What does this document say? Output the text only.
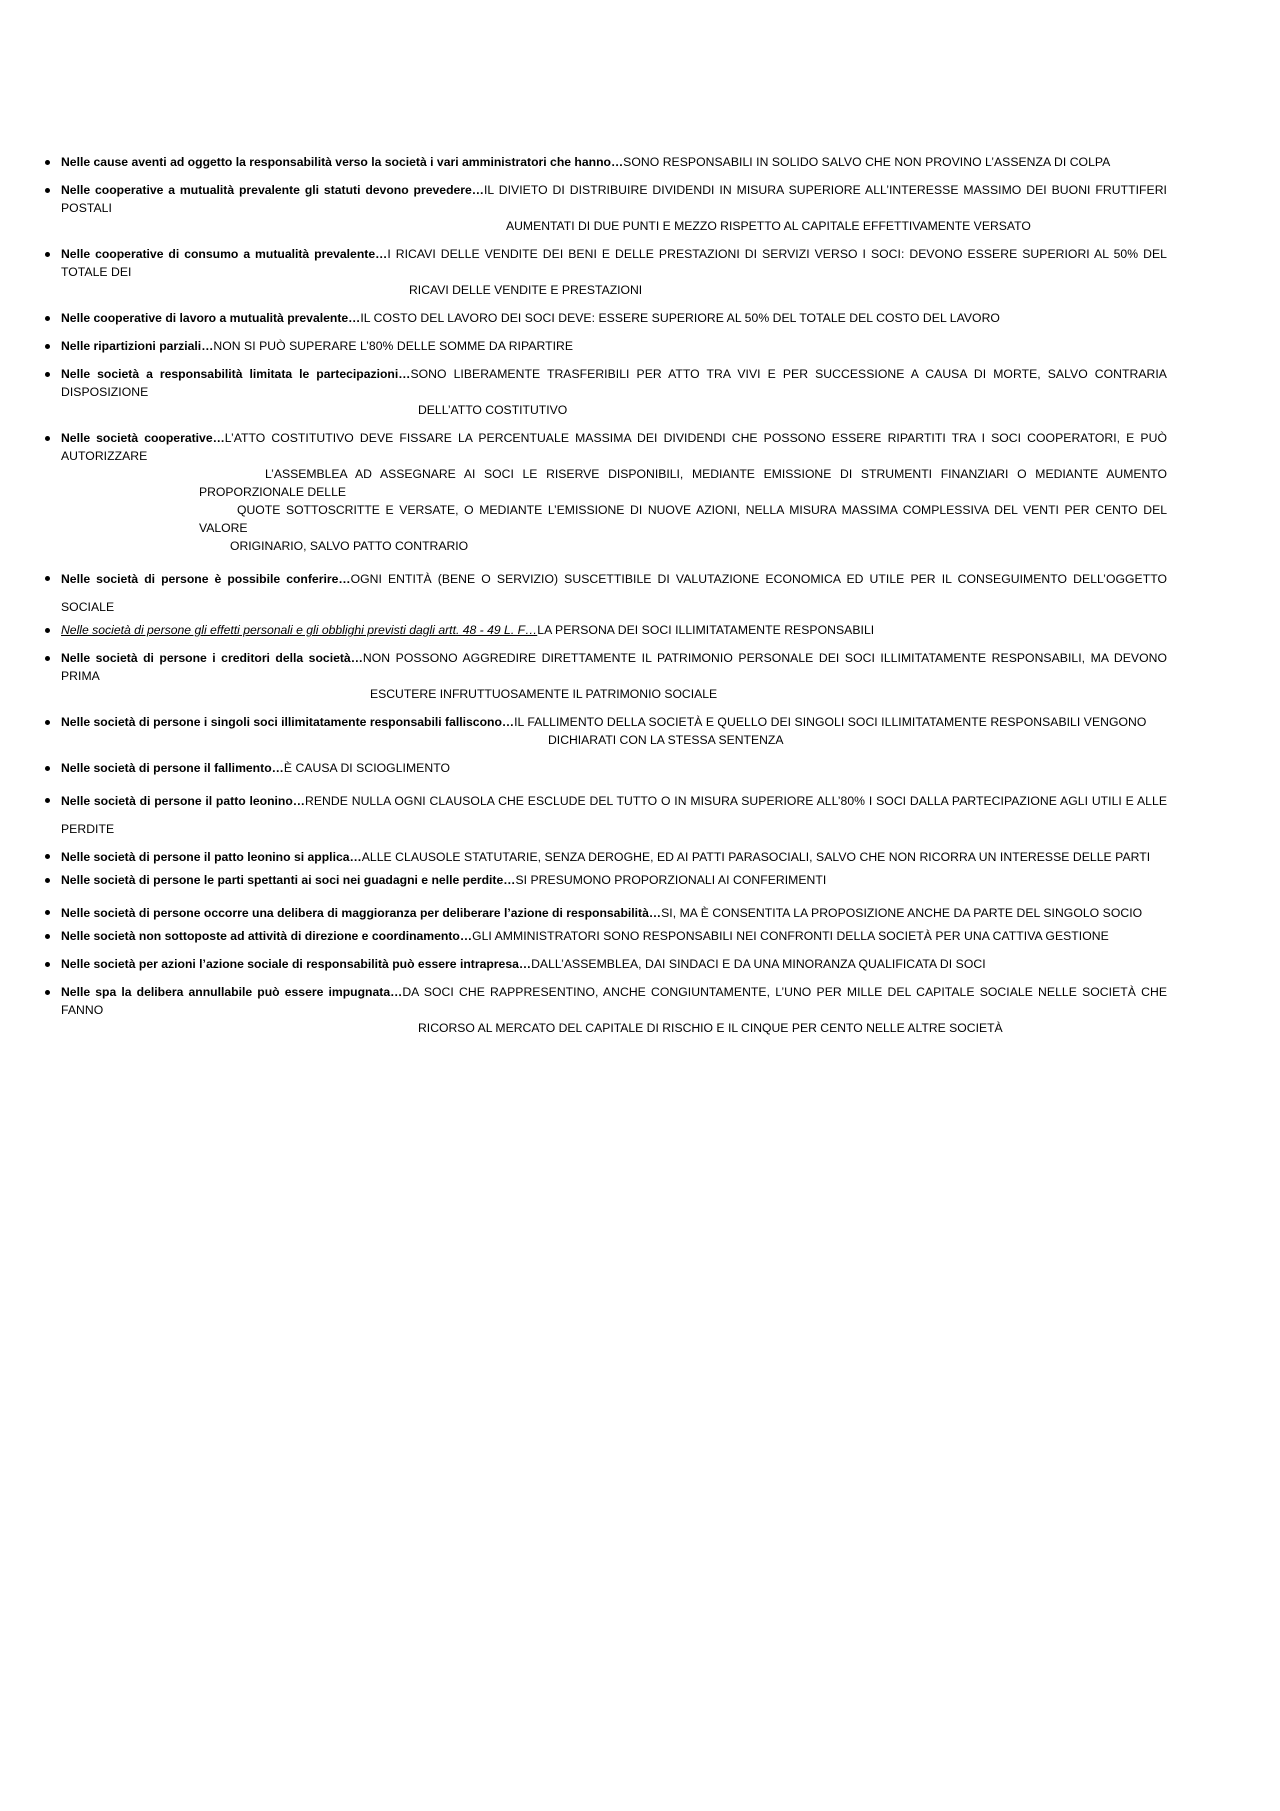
Nelle cause aventi ad oggetto la responsabilità verso la società i vari amministratori che hanno…SONO RESPONSABILI IN SOLIDO SALVO CHE NON PROVINO L’ASSENZA DI COLPA
Nelle cooperative a mutualità prevalente gli statuti devono prevedere…IL DIVIETO DI DISTRIBUIRE DIVIDENDI IN MISURA SUPERIORE ALL’INTERESSE MASSIMO DEI BUONI FRUTTIFERI POSTALI
AUMENTATI DI DUE PUNTI E MEZZO RISPETTO AL CAPITALE EFFETTIVAMENTE VERSATO
Nelle cooperative di consumo a mutualità prevalente…I RICAVI DELLE VENDITE DEI BENI E DELLE PRESTAZIONI DI SERVIZI VERSO I SOCI: DEVONO ESSERE SUPERIORI AL 50% DEL TOTALE DEI
RICAVI DELLE VENDITE E PRESTAZIONI
Nelle cooperative di lavoro a mutualità prevalente…IL COSTO DEL LAVORO DEI SOCI DEVE: ESSERE SUPERIORE AL 50% DEL TOTALE DEL COSTO DEL LAVORO
Nelle ripartizioni parziali…NON SI PUÒ SUPERARE L’80% DELLE SOMME DA RIPARTIRE
Nelle società a responsabilità limitata le partecipazioni…SONO LIBERAMENTE TRASFERIBILI PER ATTO TRA VIVI E PER SUCCESSIONE A CAUSA DI MORTE, SALVO CONTRARIA DISPOSIZIONE
DELL’ATTO COSTITUTIVO
Nelle società cooperative…L’ATTO COSTITUTIVO DEVE FISSARE LA PERCENTUALE MASSIMA DEI DIVIDENDI CHE POSSONO ESSERE RIPARTITI TRA I SOCI COOPERATORI, E PUÒ AUTORIZZARE
L’ASSEMBLEA AD ASSEGNARE AI SOCI LE RISERVE DISPONIBILI, MEDIANTE EMISSIONE DI STRUMENTI FINANZIARI O MEDIANTE AUMENTO PROPORZIONALE DELLE
QUOTE SOTTOSCRITTE E VERSATE, O MEDIANTE L’EMISSIONE DI NUOVE AZIONI, NELLA MISURA MASSIMA COMPLESSIVA DEL VENTI PER CENTO DEL VALORE
ORIGINARIO, SALVO PATTO CONTRARIO
Nelle società di persone è possibile conferire…OGNI ENTITÀ (BENE O SERVIZIO) SUSCETTIBILE DI VALUTAZIONE ECONOMICA ED UTILE PER IL CONSEGUIMENTO DELL’OGGETTO SOCIALE
Nelle società di persone gli effetti personali e gli obblighi previsti dagli artt. 48 - 49 L. F…LA PERSONA DEI SOCI ILLIMITATAMENTE RESPONSABILI
Nelle società di persone i creditori della società…NON POSSONO AGGREDIRE DIRETTAMENTE IL PATRIMONIO PERSONALE DEI SOCI ILLIMITATAMENTE RESPONSABILI, MA DEVONO PRIMA
ESCUTERE INFRUTTUOSAMENTE IL PATRIMONIO SOCIALE
Nelle società di persone i singoli soci illimitatamente responsabili falliscono…IL FALLIMENTO DELLA SOCIETÀ E QUELLO DEI SINGOLI SOCI ILLIMITATAMENTE RESPONSABILI VENGONO
DICHIARATI CON LA STESSA SENTENZA
Nelle società di persone il fallimento…È CAUSA DI SCIOGLIMENTO
Nelle società di persone il patto leonino…RENDE NULLA OGNI CLAUSOLA CHE ESCLUDE DEL TUTTO O IN MISURA SUPERIORE ALL’80% I SOCI DALLA PARTECIPAZIONE AGLI UTILI E ALLE PERDITE
Nelle società di persone il patto leonino si applica…ALLE CLAUSOLE STATUTARIE, SENZA DEROGHE, ED AI PATTI PARASOCIALI, SALVO CHE NON RICORRA UN INTERESSE DELLE PARTI
Nelle società di persone le parti spettanti ai soci nei guadagni e nelle perdite…SI PRESUMONO PROPORZIONALI AI CONFERIMENTI
Nelle società di persone occorre una delibera di maggioranza per deliberare l’azione di responsabilità…SI, MA È CONSENTITA LA PROPOSIZIONE ANCHE DA PARTE DEL SINGOLO SOCIO
Nelle società non sottoposte ad attività di direzione e coordinamento…GLI AMMINISTRATORI SONO RESPONSABILI NEI CONFRONTI DELLA SOCIETÀ PER UNA CATTIVA GESTIONE
Nelle società per azioni l’azione sociale di responsabilità può essere intrapresa…DALL’ASSEMBLEA, DAI SINDACI E DA UNA MINORANZA QUALIFICATA DI SOCI
Nelle spa la delibera annullabile può essere impugnata…DA SOCI CHE RAPPRESENTINO, ANCHE CONGIUNTAMENTE, L’UNO PER MILLE DEL CAPITALE SOCIALE NELLE SOCIETÀ CHE FANNO
RICORSO AL MERCATO DEL CAPITALE DI RISCHIO E IL CINQUE PER CENTO NELLE ALTRE SOCIETÀ
